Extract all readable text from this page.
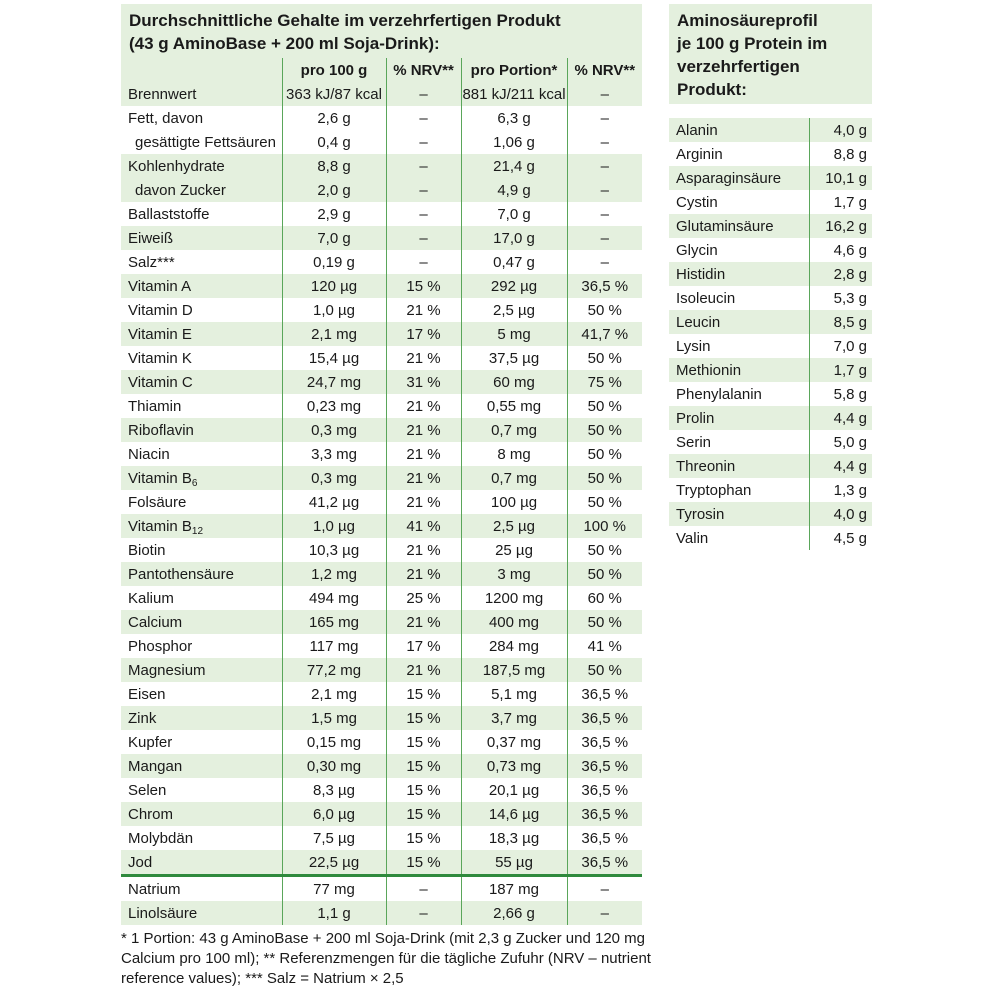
Durchschnittliche Gehalte im verzehrfertigen Produkt
(43 g AminoBase + 200 ml Soja-Drink):
	pro 100 g	% NRV**	pro Portion*	% NRV**
Brennwert	363 kJ/87 kcal	–	881 kJ/211 kcal	–
Fett, davon	2,6 g	–	6,3 g	–
gesättigte Fettsäuren	0,4 g	–	1,06 g	–
Kohlenhydrate	8,8 g	–	21,4 g	–
davon Zucker	2,0 g	–	4,9 g	–
Ballaststoffe	2,9 g	–	7,0 g	–
Eiweiß	7,0 g	–	17,0 g	–
Salz***	0,19 g	–	0,47 g	–
Vitamin A	120 µg	15 %	292 µg	36,5 %
Vitamin D	1,0 µg	21 %	2,5 µg	50 %
Vitamin E	2,1 mg	17 %	5 mg	41,7 %
Vitamin K	15,4 µg	21 %	37,5 µg	50 %
Vitamin C	24,7 mg	31 %	60 mg	75 %
Thiamin	0,23 mg	21 %	0,55 mg	50 %
Riboflavin	0,3 mg	21 %	0,7 mg	50 %
Niacin	3,3 mg	21 %	8 mg	50 %
Vitamin $B_6$	0,3 mg	21 %	0,7 mg	50 %
Folsäure	41,2 µg	21 %	100 µg	50 %
Vitamin $B_{12}$	1,0 µg	41 %	2,5 µg	100 %
Biotin	10,3 µg	21 %	25 µg	50 %
Pantothensäure	1,2 mg	21 %	3 mg	50 %
Kalium	494 mg	25 %	1200 mg	60 %
Calcium	165 mg	21 %	400 mg	50 %
Phosphor	117 mg	17 %	284 mg	41 %
Magnesium	77,2 mg	21 %	187,5 mg	50 %
Eisen	2,1 mg	15 %	5,1 mg	36,5 %
Zink	1,5 mg	15 %	3,7 mg	36,5 %
Kupfer	0,15 mg	15 %	0,37 mg	36,5 %
Mangan	0,30 mg	15 %	0,73 mg	36,5 %
Selen	8,3 µg	15 %	20,1 µg	36,5 %
Chrom	6,0 µg	15 %	14,6 µg	36,5 %
Molybdän	7,5 µg	15 %	18,3 µg	36,5 %
Jod	22,5 µg	15 %	55 µg	36,5 %
Natrium	77 mg	–	187 mg	–
Linolsäure	1,1 g	–	2,66 g	–
Aminosäureprofil
je 100 g Protein im
verzehrfertigen
Produkt:
Alanin	4,0 g
Arginin	8,8 g
Asparaginsäure	10,1 g
Cystin	1,7 g
Glutaminsäure	16,2 g
Glycin	4,6 g
Histidin	2,8 g
Isoleucin	5,3 g
Leucin	8,5 g
Lysin	7,0 g
Methionin	1,7 g
Phenylalanin	5,8 g
Prolin	4,4 g
Serin	5,0 g
Threonin	4,4 g
Tryptophan	1,3 g
Tyrosin	4,0 g
Valin	4,5 g
* 1 Portion: 43 g AminoBase + 200 ml Soja-Drink (mit 2,3 g Zucker und 120 mg
Calcium pro 100 ml); ** Referenzmengen für die tägliche Zufuhr (NRV – nutrient
reference values); *** Salz = Natrium × 2,5
